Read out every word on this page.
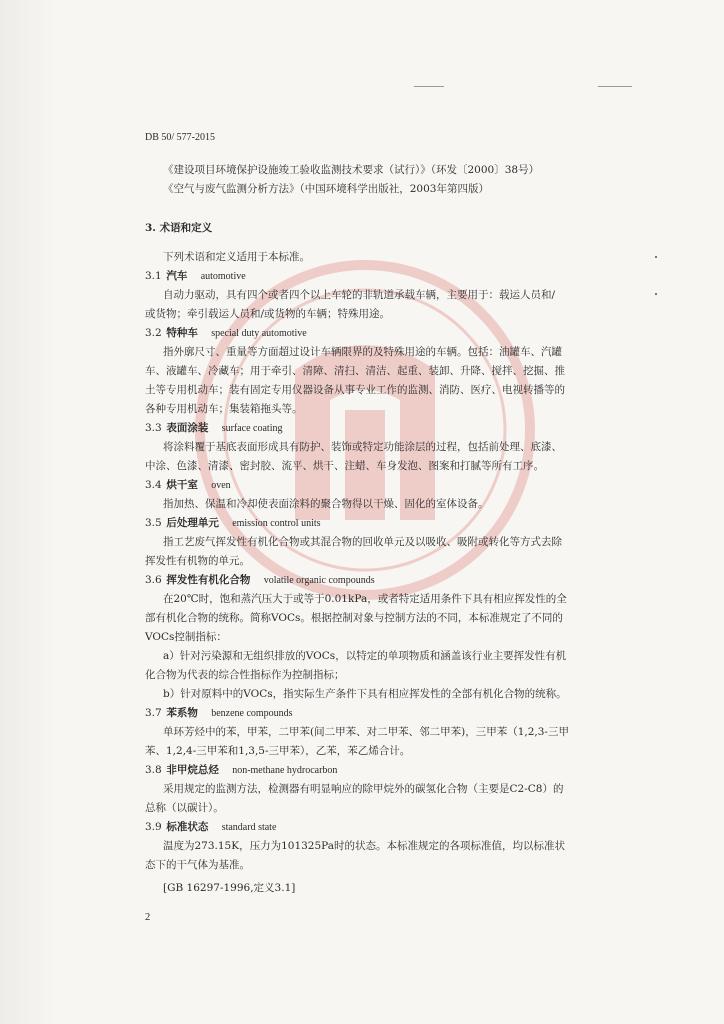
DB 50/ 577-2015

《建设项目环境保护设施竣工验收监测技术要求（试行）》（环发〔2000〕38号）

《空气与废气监测分析方法》（中国环境科学出版社，2003年第四版）

3. 术语和定义

下列术语和定义适用于本标准。

3.1 汽车 automotive

自动力驱动，具有四个或者四个以上车轮的非轨道承载车辆，主要用于：载运人员和/

或货物；牵引载运人员和/或货物的车辆；特殊用途。

3.2 特种车 special duty automotive

指外廓尺寸、重量等方面超过设计车辆限界的及特殊用途的车辆。包括：油罐车、汽罐

车、液罐车、冷藏车；用于牵引、清障、清扫、清洁、起重、装卸、升降、搅拌、挖掘、推

土等专用机动车；装有固定专用仪器设备从事专业工作的监测、消防、医疗、电视转播等的

各种专用机动车；集装箱拖头等。

3.3 表面涂装 surface coating

将涂料覆于基底表面形成具有防护、装饰或特定功能涂层的过程，包括前处理、底漆、

中涂、色漆、清漆、密封胶、流平、烘干、注蜡、车身发泡、图案和打腻等所有工序。

3.4 烘干室 oven

指加热、保温和冷却使表面涂料的聚合物得以干燥、固化的室体设备。

3.5 后处理单元 emission control units

指工艺废气挥发性有机化合物或其混合物的回收单元及以吸收、吸附或转化等方式去除

挥发性有机物的单元。

3.6 挥发性有机化合物 volatile organic compounds

在20℃时，饱和蒸汽压大于或等于0.01kPa，或者特定适用条件下具有相应挥发性的全

部有机化合物的统称。简称VOCs。根据控制对象与控制方法的不同，本标准规定了不同的

VOCs控制指标：

a）针对污染源和无组织排放的VOCs，以特定的单项物质和涵盖该行业主要挥发性有机

化合物为代表的综合性指标作为控制指标；

b）针对原料中的VOCs，指实际生产条件下具有相应挥发性的全部有机化合物的统称。

3.7 苯系物 benzene compounds

单环芳烃中的苯，甲苯，二甲苯(间二甲苯、对二甲苯、邻二甲苯)，三甲苯（1,2,3-三甲

苯、1,2,4-三甲苯和1,3,5-三甲苯），乙苯，苯乙烯合计。

3.8 非甲烷总烃 non-methane hydrocarbon

采用规定的监测方法，检测器有明显响应的除甲烷外的碳氢化合物（主要是C2-C8）的

总称（以碳计）。

3.9 标准状态 standard state

温度为273.15K，压力为101325Pa时的状态。本标准规定的各项标准值，均以标准状

态下的干气体为基准。

[GB 16297-1996,定义3.1]

2
